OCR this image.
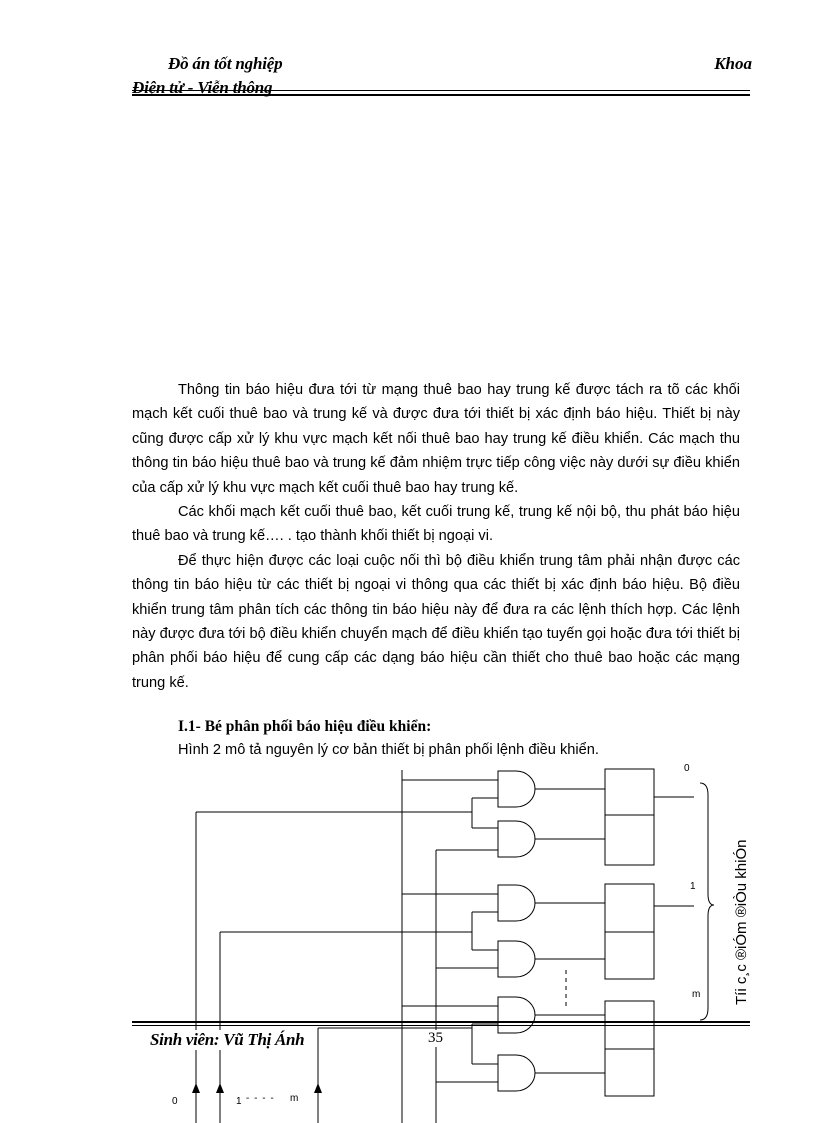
Đồ án tốt nghiệp	Khoa
Điện tử - Viễn thông

Thông tin báo hiệu đưa tới từ mạng thuê bao hay trung kế được tách ra tõ các khối mạch kết cuối thuê bao và trung kế và được đưa tới thiết bị xác định báo hiệu. Thiết bị này cũng được cấp xử lý khu vực mạch kết nối thuê bao hay trung kế điều khiển. Các mạch thu thông tin báo hiệu thuê bao và trung kế đảm nhiệm trực tiếp công việc này dưới sự điều khiển của cấp xử lý khu vực mạch kết cuối thuê bao hay trung kế.

Các khối mạch kết cuối thuê bao, kết cuối trung kế, trung kế nội bộ, thu phát báo hiệu thuê bao và trung kế…. . tạo thành khối thiết bị ngoại vi.

Để thực hiện được các loại cuộc nối thì bộ điều khiển trung tâm phải nhận được các thông tin báo hiệu từ các thiết bị ngoại vi thông qua các thiết bị xác định báo hiệu. Bộ điều khiển trung tâm phân tích các thông tin báo hiệu này để đưa ra các lệnh thích hợp. Các lệnh này được đưa tới bộ điều khiển chuyển mạch để điều khiển tạo tuyến gọi hoặc đưa tới thiết bị phân phối báo hiệu để cung cấp các dạng báo hiệu cần thiết cho thuê bao hoặc các mạng trung kế.

I.1- Bé phân phối báo hiệu điều khiển:
Hình 2 mô tả nguyên lý cơ bản thiết bị phân phối lệnh điều khiển.
0
1
m Tíi c¸c ®iÓm ®iÒu khiÓn
0	1 - - - - m
Sinh viên: Vũ Thị Ánh	35
